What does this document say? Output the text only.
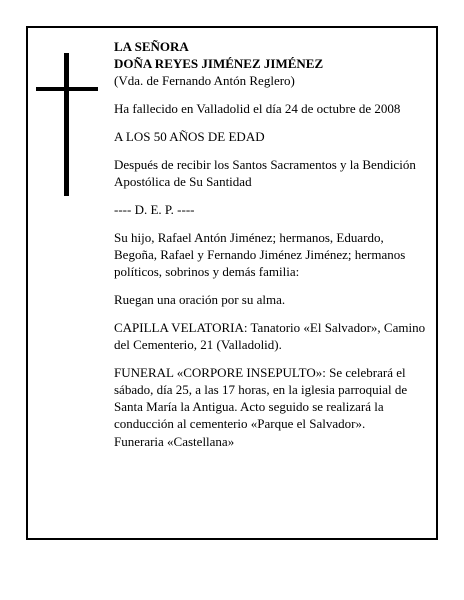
LA SEÑORA

DOÑA REYES JIMÉNEZ JIMÉNEZ

(Vda. de Fernando Antón Reglero)

Ha fallecido en Valladolid el día 24 de octubre de 2008

A LOS 50 AÑOS DE EDAD

Después de recibir los Santos Sacramentos y la Bendición Apostólica de Su Santidad

---- D. E. P. ----

Su hijo, Rafael Antón Jiménez; hermanos, Eduardo, Begoña, Rafael y Fernando Jiménez Jiménez; hermanos políticos, sobrinos y demás familia:

Ruegan una oración por su alma.

CAPILLA VELATORIA: Tanatorio «El Salvador», Camino del Cementerio, 21 (Valladolid).

FUNERAL «CORPORE INSEPULTO»: Se celebrará el sábado, día 25, a las 17 horas, en la iglesia parroquial de Santa María la Antigua. Acto seguido se realizará la conducción al cementerio «Parque el Salvador».

Funeraria «Castellana»
